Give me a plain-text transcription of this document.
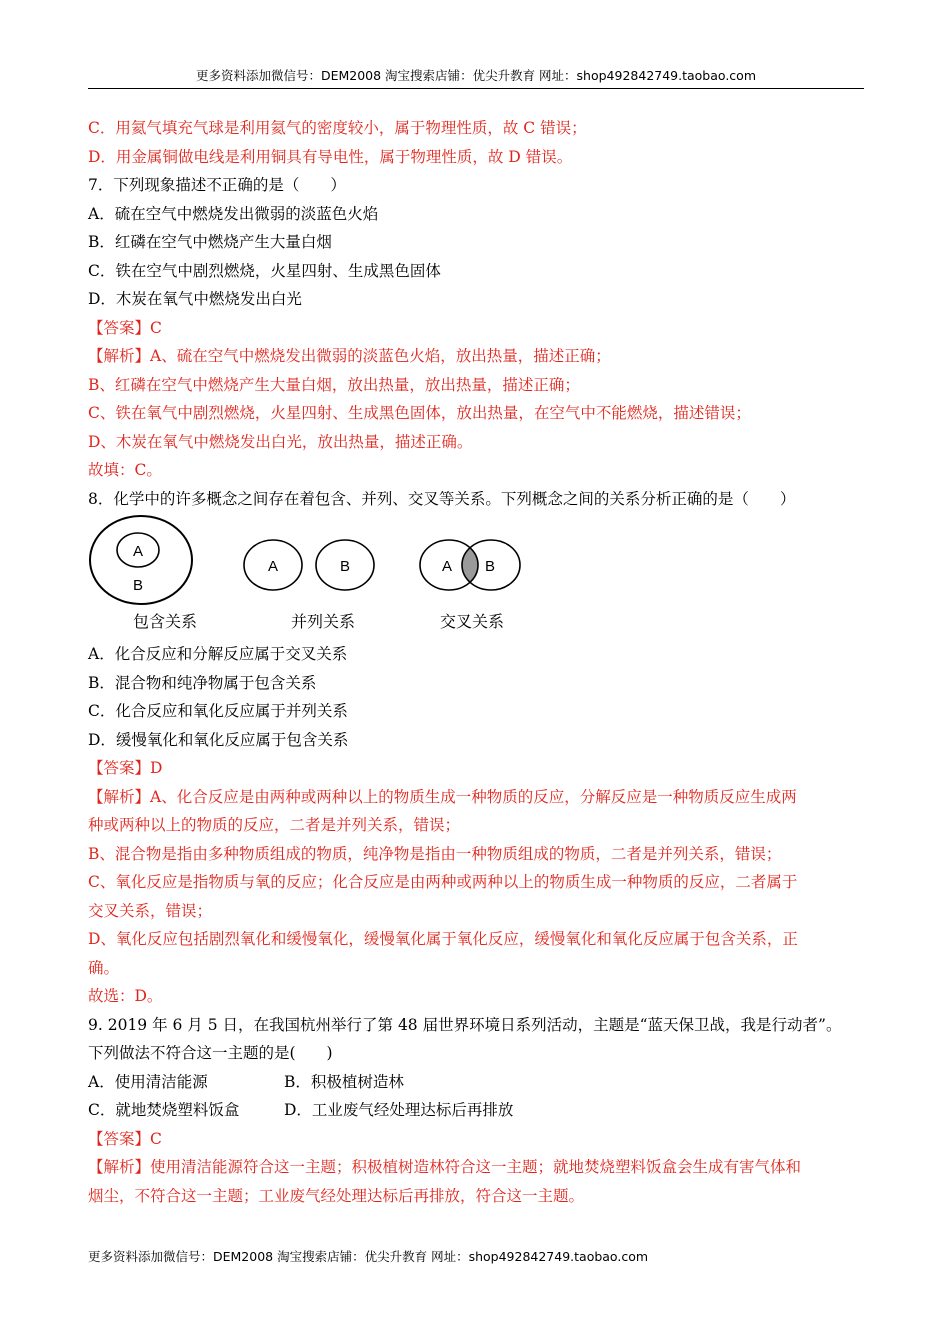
更多资料添加微信号：DEM2008 淘宝搜索店铺：优尖升教育 网址：shop492842749.taobao.com
C．用氦气填充气球是利用氦气的密度较小，属于物理性质，故 C 错误；
D．用金属铜做电线是利用铜具有导电性，属于物理性质，故 D 错误。
7．下列现象描述不正确的是（　　）
A．硫在空气中燃烧发出微弱的淡蓝色火焰
B．红磷在空气中燃烧产生大量白烟
C．铁在空气中剧烈燃烧，火星四射、生成黑色固体
D．木炭在氧气中燃烧发出白光
【答案】C
【解析】A、硫在空气中燃烧发出微弱的淡蓝色火焰，放出热量，描述正确；
B、红磷在空气中燃烧产生大量白烟，放出热量，放出热量，描述正确；
C、铁在氧气中剧烈燃烧，火星四射、生成黑色固体，放出热量，在空气中不能燃烧，描述错误；
D、木炭在氧气中燃烧发出白光，放出热量，描述正确。
故填：C。
8．化学中的许多概念之间存在着包含、并列、交叉等关系。下列概念之间的关系分析正确的是（　　）
A
B
包含关系
A	B
并列关系
A B
交叉关系
A．化合反应和分解反应属于交叉关系
B．混合物和纯净物属于包含关系
C．化合反应和氧化反应属于并列关系
D．缓慢氧化和氧化反应属于包含关系
【答案】D
【解析】A、化合反应是由两种或两种以上的物质生成一种物质的反应，分解反应是一种物质反应生成两
种或两种以上的物质的反应，二者是并列关系，错误；
B、混合物是指由多种物质组成的物质，纯净物是指由一种物质组成的物质，二者是并列关系，错误；
C、氧化反应是指物质与氧的反应；化合反应是由两种或两种以上的物质生成一种物质的反应，二者属于
交叉关系，错误；
D、氧化反应包括剧烈氧化和缓慢氧化，缓慢氧化属于氧化反应，缓慢氧化和氧化反应属于包含关系，正
确。
故选：D。
9. 2019 年 6 月 5 日，在我国杭州举行了第 48 届世界环境日系列活动，主题是“蓝天保卫战，我是行动者”。
下列做法不符合这一主题的是(　　)
A．使用清洁能源	B．积极植树造林
C．就地焚烧塑料饭盒	D．工业废气经处理达标后再排放
【答案】C
【解析】使用清洁能源符合这一主题；积极植树造林符合这一主题；就地焚烧塑料饭盒会生成有害气体和
烟尘，不符合这一主题；工业废气经处理达标后再排放，符合这一主题。
更多资料添加微信号：DEM2008 淘宝搜索店铺：优尖升教育 网址：shop492842749.taobao.com
